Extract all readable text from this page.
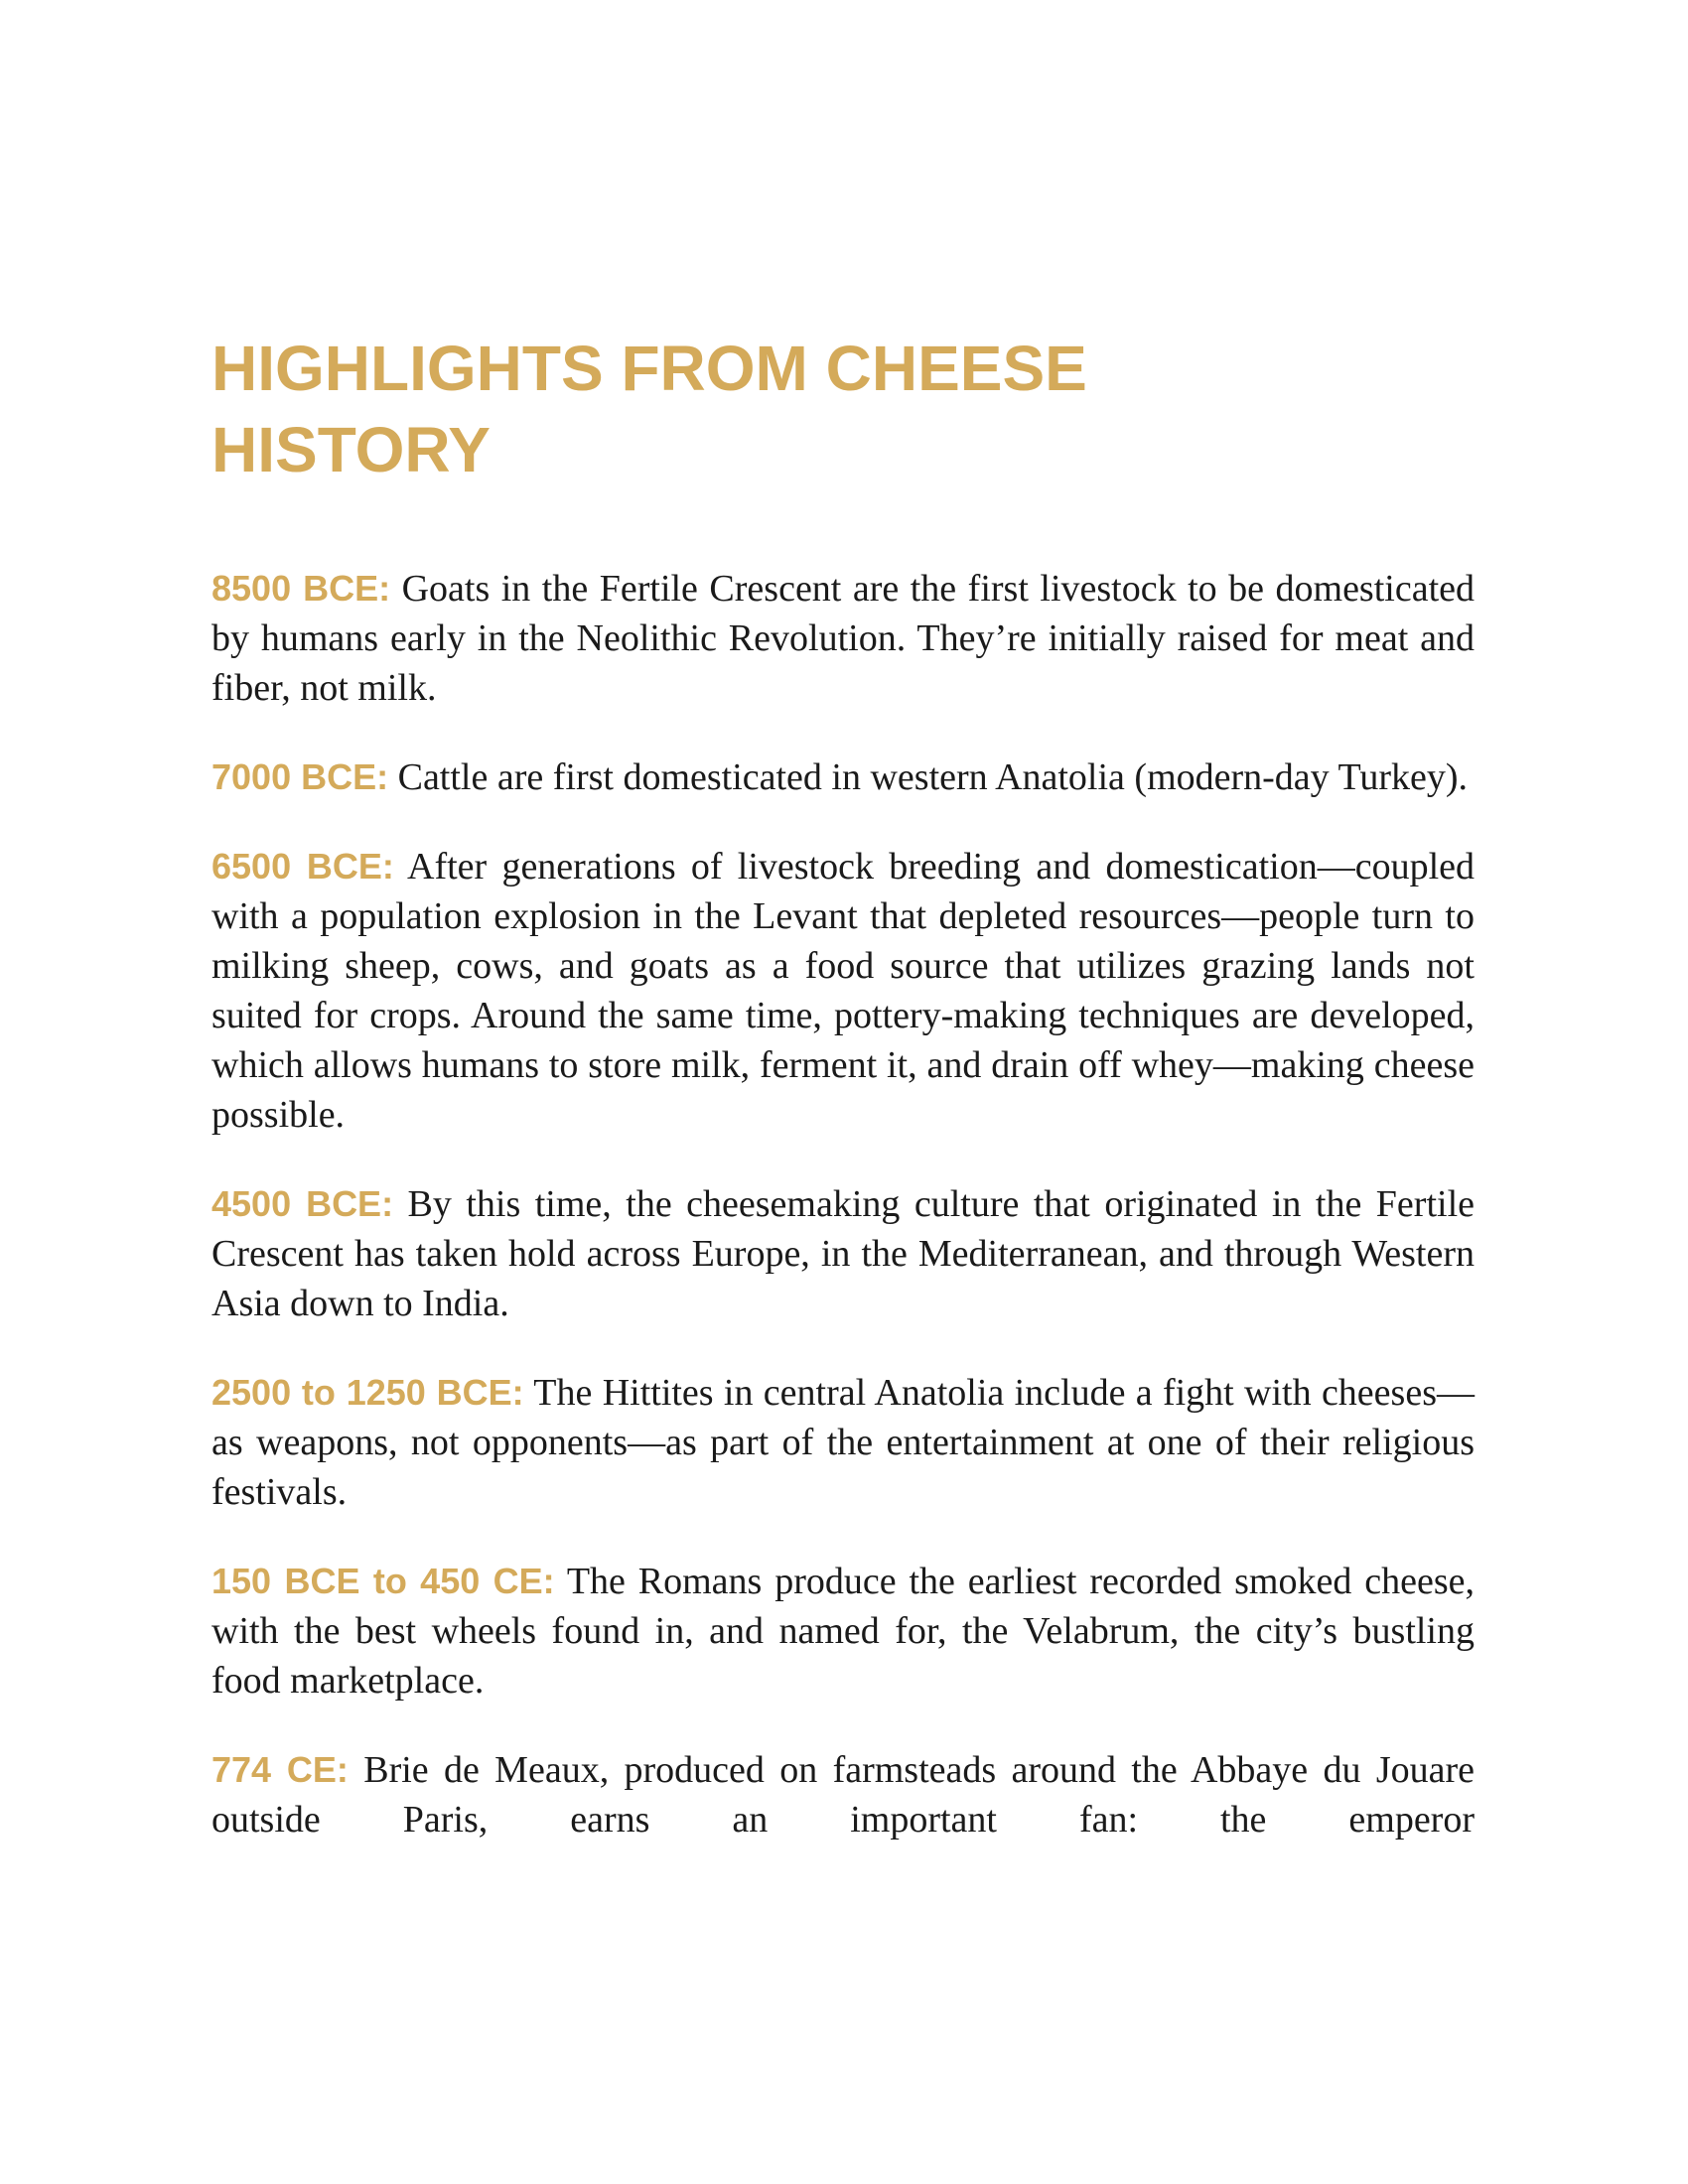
HIGHLIGHTS FROM CHEESE HISTORY

8500 BCE: Goats in the Fertile Crescent are the first livestock to be domesticated by humans early in the Neolithic Revolution. They’re initially raised for meat and fiber, not milk.

7000 BCE: Cattle are first domesticated in western Anatolia (modern-day Turkey).

6500 BCE: After generations of livestock breeding and domestication—coupled with a population explosion in the Levant that depleted resources—people turn to milking sheep, cows, and goats as a food source that utilizes grazing lands not suited for crops. Around the same time, pottery-making techniques are developed, which allows humans to store milk, ferment it, and drain off whey—making cheese possible.

4500 BCE: By this time, the cheesemaking culture that originated in the Fertile Crescent has taken hold across Europe, in the Mediterranean, and through Western Asia down to India.

2500 to 1250 BCE: The Hittites in central Anatolia include a fight with cheeses—as weapons, not opponents—as part of the entertainment at one of their religious festivals.

150 BCE to 450 CE: The Romans produce the earliest recorded smoked cheese, with the best wheels found in, and named for, the Velabrum, the city’s bustling food marketplace.

774 CE: Brie de Meaux, produced on farmsteads around the Abbaye du Jouare outside Paris, earns an important fan: the emperor
